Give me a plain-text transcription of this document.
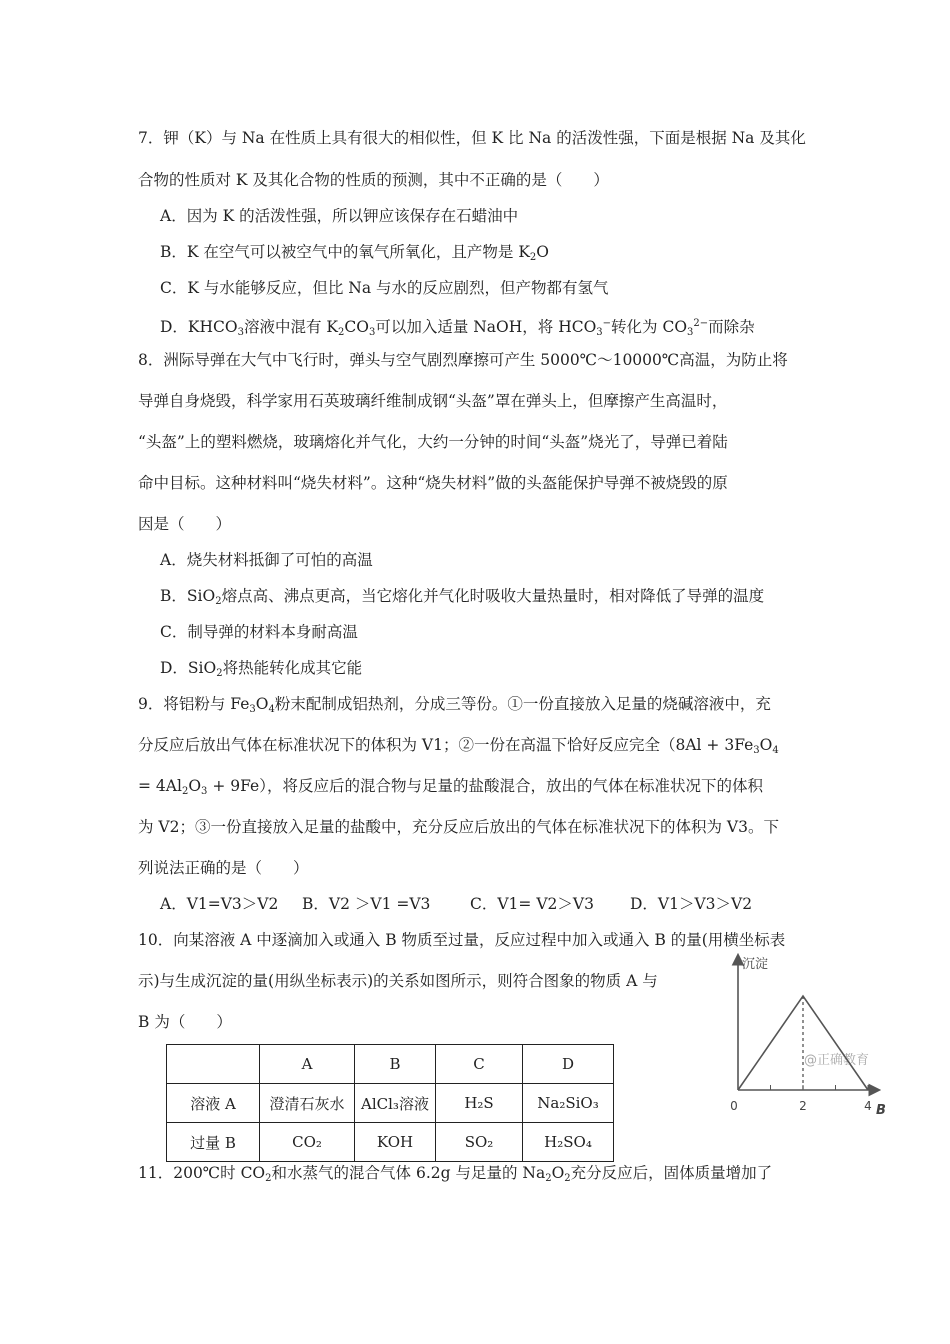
7．钾（K）与 Na 在性质上具有很大的相似性，但 K 比 Na 的活泼性强，下面是根据 Na 及其化
合物的性质对 K 及其化合物的性质的预测，其中不正确的是（　　）
A．因为 K 的活泼性强，所以钾应该保存在石蜡油中
B．K 在空气可以被空气中的氧气所氧化，且产物是 $K_2O$
C．K 与水能够反应，但比 Na 与水的反应剧烈，但产物都有氢气
D．$KHCO_3$溶液中混有 $K_2CO_3$可以加入适量 NaOH，将 $HCO_3^-$转化为 $CO_3^{2-}$而除杂
8．洲际导弹在大气中飞行时，弹头与空气剧烈摩擦可产生 5000℃～10000℃高温，为防止将
导弹自身烧毁，科学家用石英玻璃纤维制成钢“头盔”罩在弹头上，但摩擦产生高温时，
“头盔”上的塑料燃烧，玻璃熔化并气化，大约一分钟的时间“头盔”烧光了，导弹已着陆
命中目标。这种材料叫“烧失材料”。这种“烧失材料”做的头盔能保护导弹不被烧毁的原
因是（　　）
A．烧失材料抵御了可怕的高温
B．SiO$_2$熔点高、沸点更高，当它熔化并气化时吸收大量热量时，相对降低了导弹的温度
C．制导弹的材料本身耐高温
D．SiO$_2$将热能转化成其它能
9．将铝粉与 $Fe_3O_4$粉末配制成铝热剂，分成三等份。①一份直接放入足量的烧碱溶液中，充
分反应后放出气体在标准状况下的体积为 V1；②一份在高温下恰好反应完全（$8Al + 3Fe_3O_4$
= $4Al_2O_3 + 9Fe$），将反应后的混合物与足量的盐酸混合，放出的气体在标准状况下的体积
为 V2；③一份直接放入足量的盐酸中，充分反应后放出的气体在标准状况下的体积为 V3。下
列说法正确的是（　　）
A．V1=V3＞V2 B．V2 ＞V1 =V3	C．V1= V2＞V3 D．V1＞V3＞V2
10．向某溶液 A 中逐滴加入或通入 B 物质至过量，反应过程中加入或通入 B 的量(用横坐标表
示)与生成沉淀的量(用纵坐标表示)的关系如图所示，则符合图象的物质 A 与
B 为（　　）
	A	B	C	D
溶液 A	澄清石灰水	AlCl₃溶液	H₂S	Na₂SiO₃
过量 B	CO₂	KOH	SO₂	H₂SO₄
沉淀
B
@正确教育
0	2	4
11．200℃时 $CO_2$和水蒸气的混合气体 6.2g 与足量的 $Na_2O_2$充分反应后，固体质量增加了
